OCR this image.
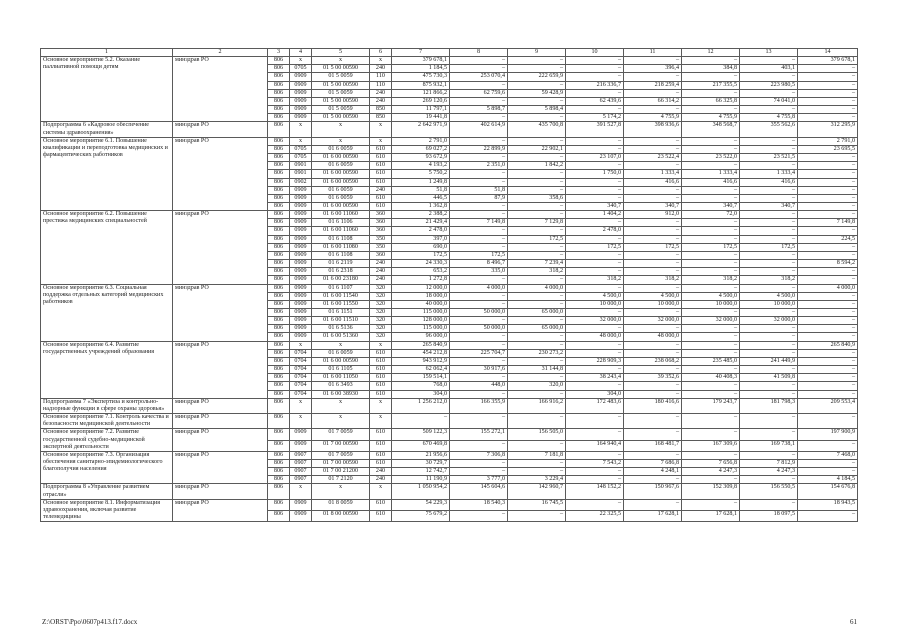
1	2	3	4	5	6	7	8	9	10	11	12	13	14
Основное мероприятие 5.2. Оказание паллиативной помощи детям	минздрав РО	806	x	x	x	379 678,1	–	–	–	–	–	–	379 678,1
		806	0705	01 5 00 00590	240	1 184,5	–	–	–	396,4	384,8	403,1	–
		806	0909	01 5 0059	110	475 730,3	253 070,4	222 659,9	–	–	–	–	–
		806	0909	01 5 00 00590	110	875 932,1	–	–	216 336,7	218 259,4	217 355,5	223 980,5	–
		806	0909	01 5 0059	240	121 866,2	62 759,6	59 428,9	–	–	–	–	–
		806	0909	01 5 00 00590	240	269 120,6	–	–	62 439,6	66 314,2	66 325,8	74 041,0	–
		806	0909	01 5 0059	850	11 797,1	5 898,7	5 898,4	–	–	–	–	–
		806	0909	01 5 00 00590	850	19 441,8	–	–	5 174,2	4 755,9	4 755,9	4 755,8	–
Подпрограмма 6 «Кадровое обеспечение системы здравоохранения»	минздрав РО	806	x	x	x	2 642 971,9	402 614,9	435 700,8	391 527,8	398 936,6	348 568,7	355 562,6	312 295,9
Основное мероприятие 6.1. Повышение квалификации и переподготовка медицинских и фармацевтических работников	минздрав РО	806	x	x	x	2 791,0	–	–	–	–	–	–	2 791,0
		806	0705	01 6 0059	610	69 027,2	22 899,9	22 902,1	–	–	–	–	23 695,5
		806	0705	01 6 00 00590	610	93 672,9	–	–	23 107,0	23 522,4	23 522,0	23 521,5	–
		806	0901	01 6 0059	610	4 193,2	2 351,0	1 842,2	–	–	–	–	–
		806	0901	01 6 00 00590	610	5 750,2	–	–	1 750,0	1 333,4	1 333,4	1 333,4	–
		806	0902	01 6 00 00590	610	1 249,8	–	–	–	416,6	416,6	416,6	–
		806	0909	01 6 0059	240	51,8	51,8	–	–	–	–	–	–
		806	0909	01 6 0059	610	446,5	87,9	358,6	–	–	–	–	–
		806	0909	01 6 00 00590	610	1 362,8	–	–	340,7	340,7	340,7	340,7	–
Основное мероприятие 6.2. Повышение престижа медицинских специальностей	минздрав РО	806	0909	01 6 00 11060	360	2 388,2	–	–	1 404,2	912,0	72,0	–	–
		806	0909	01 6 1106	360	21 429,4	7 149,8	7 129,8	–	–	–	–	7 149,8
		806	0909	01 6 00 11060	360	2 478,0	–	–	2 478,0	–	–	–	–
		806	0909	01 6 1108	350	397,0	–	172,5	–	–	–	–	224,5
		806	0909	01 6 00 11080	350	690,0	–	–	172,5	172,5	172,5	172,5	–
		806	0909	01 6 1108	360	172,5	172,5	–	–	–	–	–	–
		806	0909	01 6 2119	240	24 330,3	8 496,7	7 239,4	–	–	–	–	8 594,2
		806	0909	01 6 2318	240	653,2	335,0	318,2	–	–	–	–	–
		806	0909	01 6 00 23180	240	1 272,8	–	–	318,2	318,2	318,2	318,2	–
Основное мероприятие 6.3. Социальная поддержка отдельных категорий медицинских работников	минздрав РО	806	0909	01 6 1107	320	12 000,0	4 000,0	4 000,0	–	–	–	–	4 000,0
		806	0909	01 6 00 11540	320	18 000,0	–	–	4 500,0	4 500,0	4 500,0	4 500,0	–
		806	0909	01 6 00 11550	320	40 000,0	–	–	10 000,0	10 000,0	10 000,0	10 000,0	–
		806	0909	01 6 1151	320	115 000,0	50 000,0	65 000,0	–	–	–	–	–
		806	0909	01 6 00 11510	320	128 000,0	–	–	32 000,0	32 000,0	32 000,0	32 000,0	–
		806	0909	01 6 5136	320	115 000,0	50 000,0	65 000,0	–	–	–	–	–
		806	0909	01 6 00 51360	320	96 000,0	–	–	48 000,0	48 000,0	–	–	–
Основное мероприятие 6.4. Развитие государственных учреждений образования	минздрав РО	806	x	x	x	265 840,9	–	–	–	–	–	–	265 840,9
		806	0704	01 6 0059	610	454 212,8	225 704,7	230 273,2	–	–	–	–	–
		806	0704	01 6 00 00590	610	943 912,9	–	–	228 909,3	238 068,2	235 485,0	241 449,9	–
		806	0704	01 6 1105	610	62 062,4	30 917,6	31 144,8	–	–	–	–	–
		806	0704	01 6 00 11050	610	159 514,1	–	–	38 243,4	39 352,6	40 408,3	41 509,8	–
		806	0704	01 6 3493	610	768,0	448,0	320,0	–	–	–	–	–
		806	0704	01 6 00 38930	610	304,0	–	–	304,0	–	–	–	–
Подпрограмма 7 «Экспертиза и контрольно-надзорные функции в сфере охраны здоровья»	минздрав РО	806	x	x	x	1 256 212,0	166 355,9	166 916,2	172 483,6	180 416,6	179 243,7	181 798,3	209 553,4
Основное мероприятие 7.1. Контроль качества и безопасности медицинской деятельности	минздрав РО	806	x	x	x	–	–	–	–	–	–	–	–
Основное мероприятие 7.2. Развитие государственной судебно-медицинской экспертной деятельности	минздрав РО	806	0909	01 7 0059	610	509 122,3	155 272,1	156 505,0	–	–	–	–	197 900,9
		806	0909	01 7 00 00590	610	670 469,8	–	–	164 940,4	168 481,7	167 309,6	169 738,1	–
Основное мероприятие 7.3. Организация обеспечения санитарно-эпидемиологического благополучия населения	минздрав РО	806	0907	01 7 0059	610	21 956,6	7 306,8	7 181,8	–	–	–	–	7 468,0
		806	0907	01 7 00 00590	610	30 729,7	–	–	7 543,2	7 686,8	7 656,8	7 812,9	–
		806	0907	01 7 00 21200	240	12 742,7	–	–	–	4 248,1	4 247,3	4 247,3	–
		806	0907	01 7 2120	240	11 190,9	3 777,0	3 229,4	–	–	–	–	4 184,5
Подпрограмма 8 «Управление развитием отрасли»	минздрав РО	806	x	x	x	1 050 954,2	145 604,6	142 960,7	148 152,2	150 967,6	152 309,8	156 550,5	154 676,8
Основное мероприятие 8.1. Информатизация здравоохранения, включая развитие телемедицины	минздрав РО	806	0909	01 8 0059	610	54 229,3	18 540,3	16 745,5	–	–	–	–	18 943,5
		806	0909	01 8 00 00590	610	75 679,2	–	–	22 325,5	17 628,1	17 628,1	18 097,5	–
Z:\ORST\Ppo\0607p413.f17.docx	61
